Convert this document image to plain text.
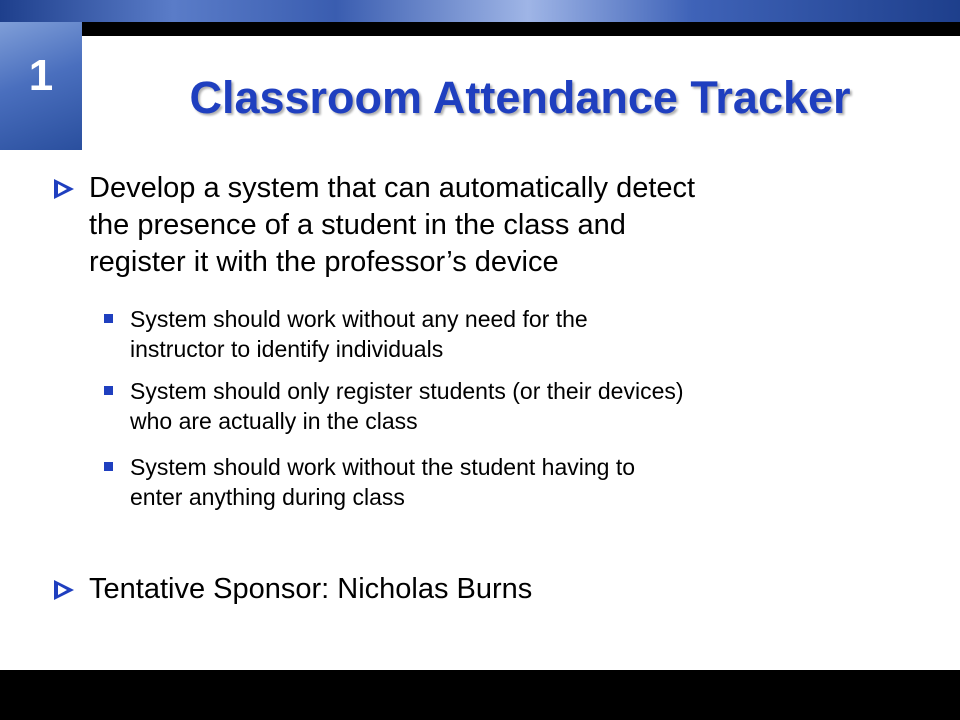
1	Classroom Attendance Tracker
Develop a system that can automatically detect
the presence of a student in the class and
register it with the professor’s device
System should work without any need for the
instructor to identify individuals
System should only register students (or their devices)
who are actually in the class
System should work without the student having to
enter anything during class
Tentative Sponsor: Nicholas Burns
